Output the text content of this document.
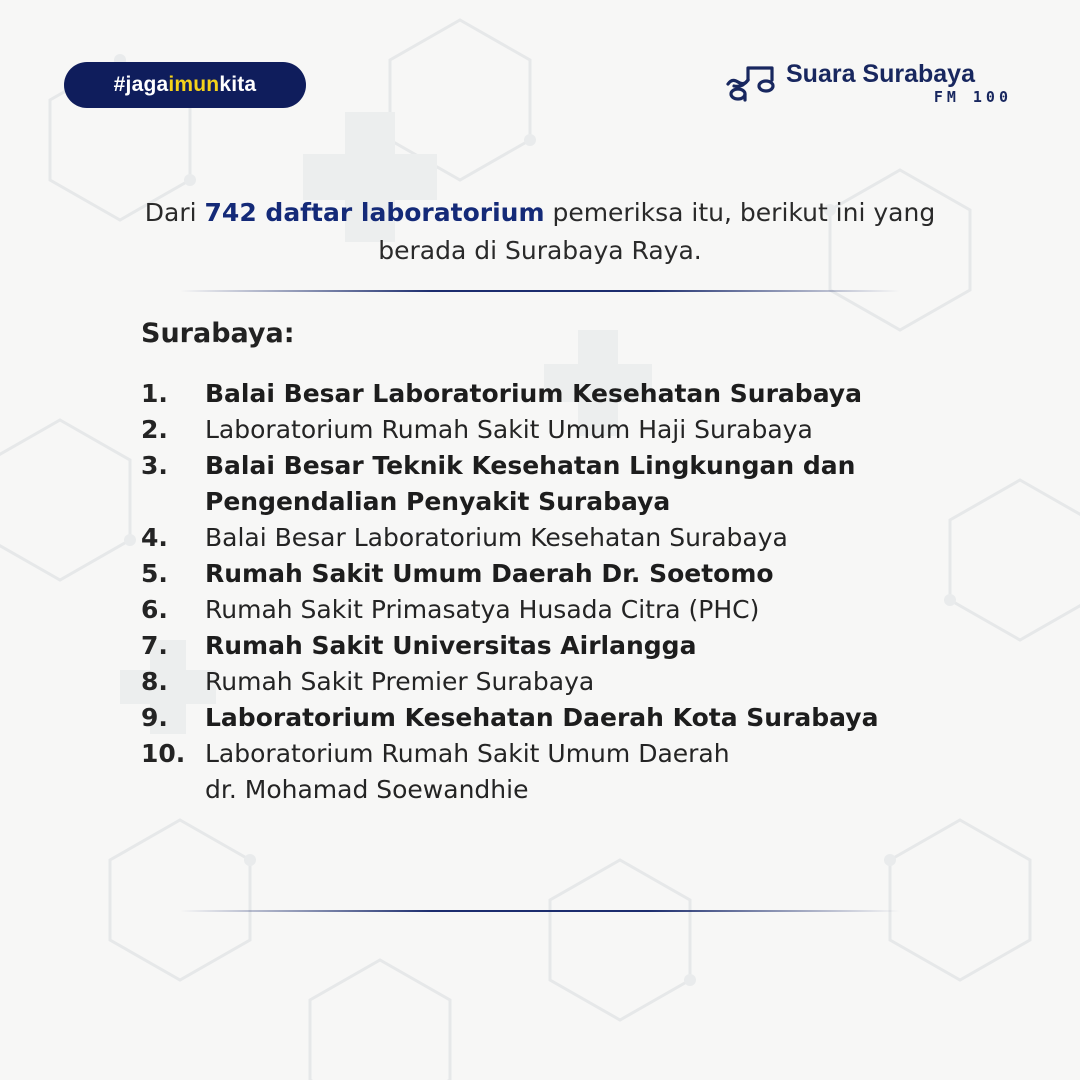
#jaga imun kita	Suara Surabaya
FM 100
Dari 742 daftar laboratorium pemeriksa itu, berikut ini yang berada di Surabaya Raya.
Surabaya:
1.	Balai Besar Laboratorium Kesehatan Surabaya
2.	Laboratorium Rumah Sakit Umum Haji Surabaya
3.	Balai Besar Teknik Kesehatan Lingkungan dan
Pengendalian Penyakit Surabaya
4.	Balai Besar Laboratorium Kesehatan Surabaya
5.	Rumah Sakit Umum Daerah Dr. Soetomo
6.	Rumah Sakit Primasatya Husada Citra (PHC)
7.	Rumah Sakit Universitas Airlangga
8.	Rumah Sakit Premier Surabaya
9.	Laboratorium Kesehatan Daerah Kota Surabaya
10. Laboratorium Rumah Sakit Umum Daerah
dr. Mohamad Soewandhie
